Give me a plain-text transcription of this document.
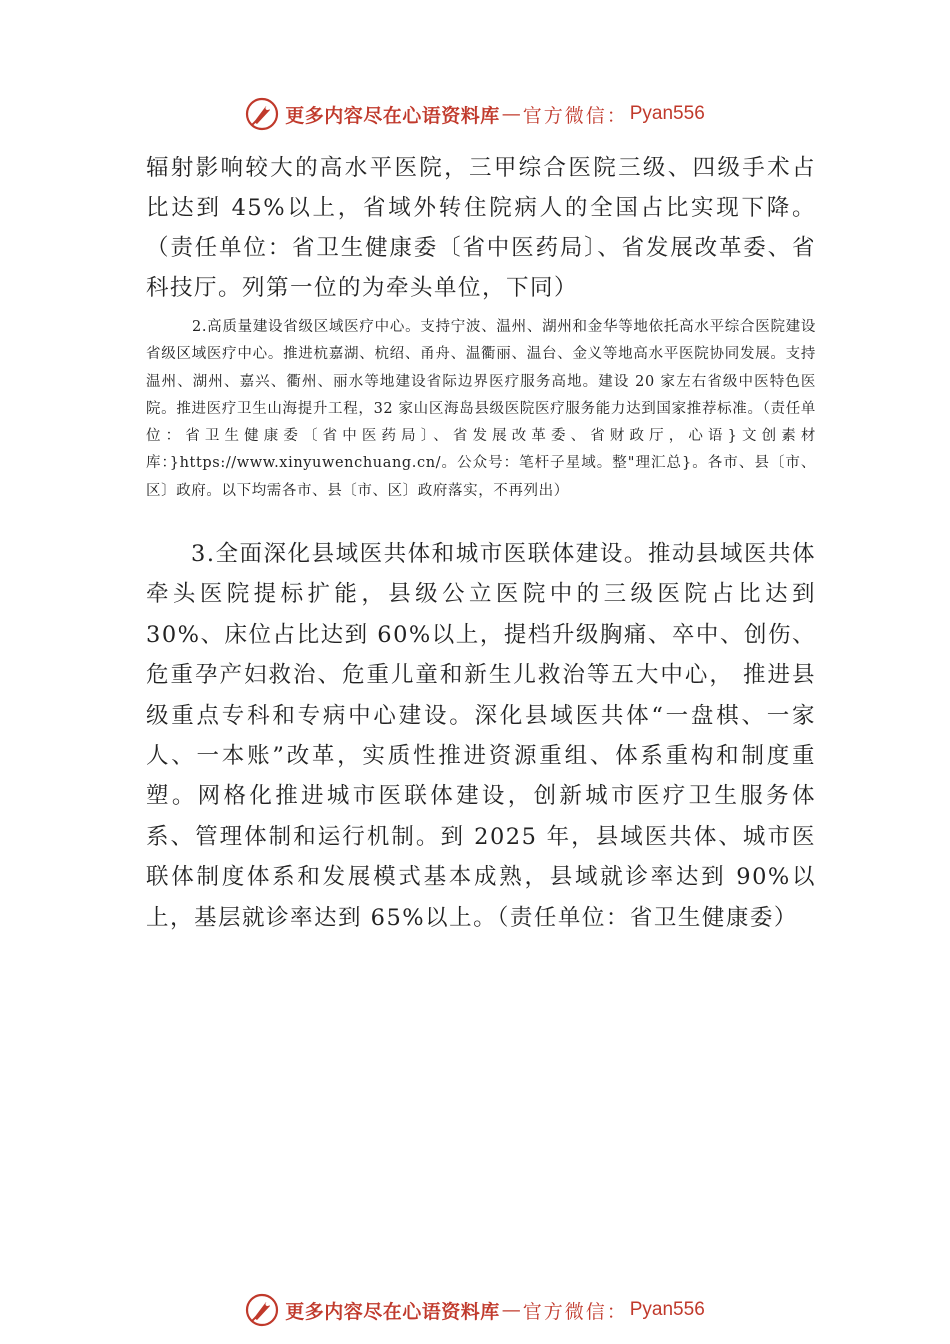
更多内容尽在心语资料库 — 官方微信： Pyan556

辐射影响较大的高水平医院，三甲综合医院三级、四级手术占比达到 45%以上，省域外转住院病人的全国占比实现下降。（责任单位：省卫生健康委〔省中医药局〕、省发展改革委、省科技厅。列第一位的为牵头单位，下同）

2.高质量建设省级区域医疗中心。支持宁波、温州、湖州和金华等地依托高水平综合医院建设省级区域医疗中心。推进杭嘉湖、杭绍、甬舟、温衢丽、温台、金义等地高水平医院协同发展。支持温州、湖州、嘉兴、衢州、丽水等地建设省际边界医疗服务高地。建设 20 家左右省级中医特色医院。推进医疗卫生山海提升工程，32 家山区海岛县级医院医疗服务能力达到国家推荐标准。（责任单位：省卫生健康委〔省中医药局〕、省发展改革委、省财政厅，心语}文创素材库：}https://www.xinyuwenchuang.cn/。公众号：笔杆子星域。整"理汇总}。各市、县〔市、区〕政府。以下均需各市、县〔市、区〕政府落实，不再列出）

3.全面深化县域医共体和城市医联体建设。推动县域医共体牵头医院提标扩能，县级公立医院中的三级医院占比达到 30%、床位占比达到 60%以上，提档升级胸痛、卒中、创伤、危重孕产妇救治、危重儿童和新生儿救治等五大中心， 推进县级重点专科和专病中心建设。深化县域医共体“一盘棋、一家人、一本账”改革，实质性推进资源重组、体系重构和制度重塑。网格化推进城市医联体建设，创新城市医疗卫生服务体系、管理体制和运行机制。到 2025 年，县域医共体、城市医联体制度体系和发展模式基本成熟，县域就诊率达到 90%以上，基层就诊率达到 65%以上。（责任单位：省卫生健康委）

更多内容尽在心语资料库 — 官方微信： Pyan556
